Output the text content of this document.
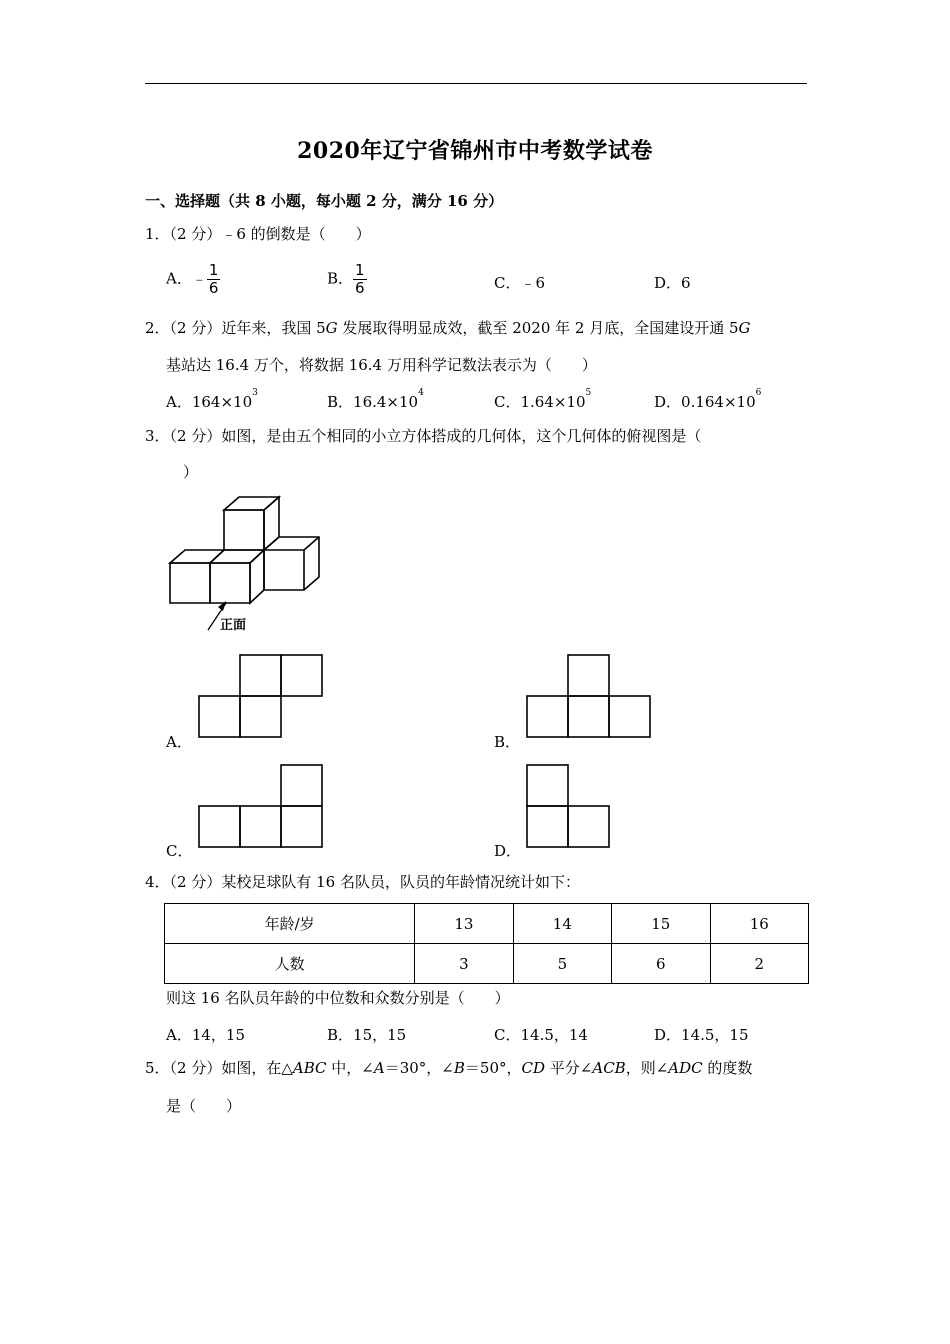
2020年辽宁省锦州市中考数学试卷
一、选择题（共 8 小题，每小题 2 分，满分 16 分）
1．（2 分）﹣6 的倒数是（　　）
A．﹣ $\frac{1}{6}$	B． $\frac{1}{6}$	C．﹣6	D．6
2．（2 分）近年来，我国 5G 发展取得明显成效，截至 2020 年 2 月底，全国建设开通 5G
基站达 16.4 万个，将数据 16.4 万用科学记数法表示为（　　）
A．$164\times 10^3$	B．$16.4\times 10^4$	C．$1.64\times 10^5$	D．$0.164\times 10^6$
3．（2 分）如图，是由五个相同的小立方体搭成的几何体，这个几何体的俯视图是（
）
正面
A．	B．
C．	D．
4．（2 分）某校足球队有 16 名队员，队员的年龄情况统计如下：
年龄/岁	13	14	15	16
人数	3	5	6	2
则这 16 名队员年龄的中位数和众数分别是（　　）
A．14，15	B．15，15	C．14.5，14	D．14.5，15
5．（2 分）如图，在△ABC 中，∠A＝30°，∠B＝50°，CD 平分∠ACB，则∠ADC 的度数
是（　　）
